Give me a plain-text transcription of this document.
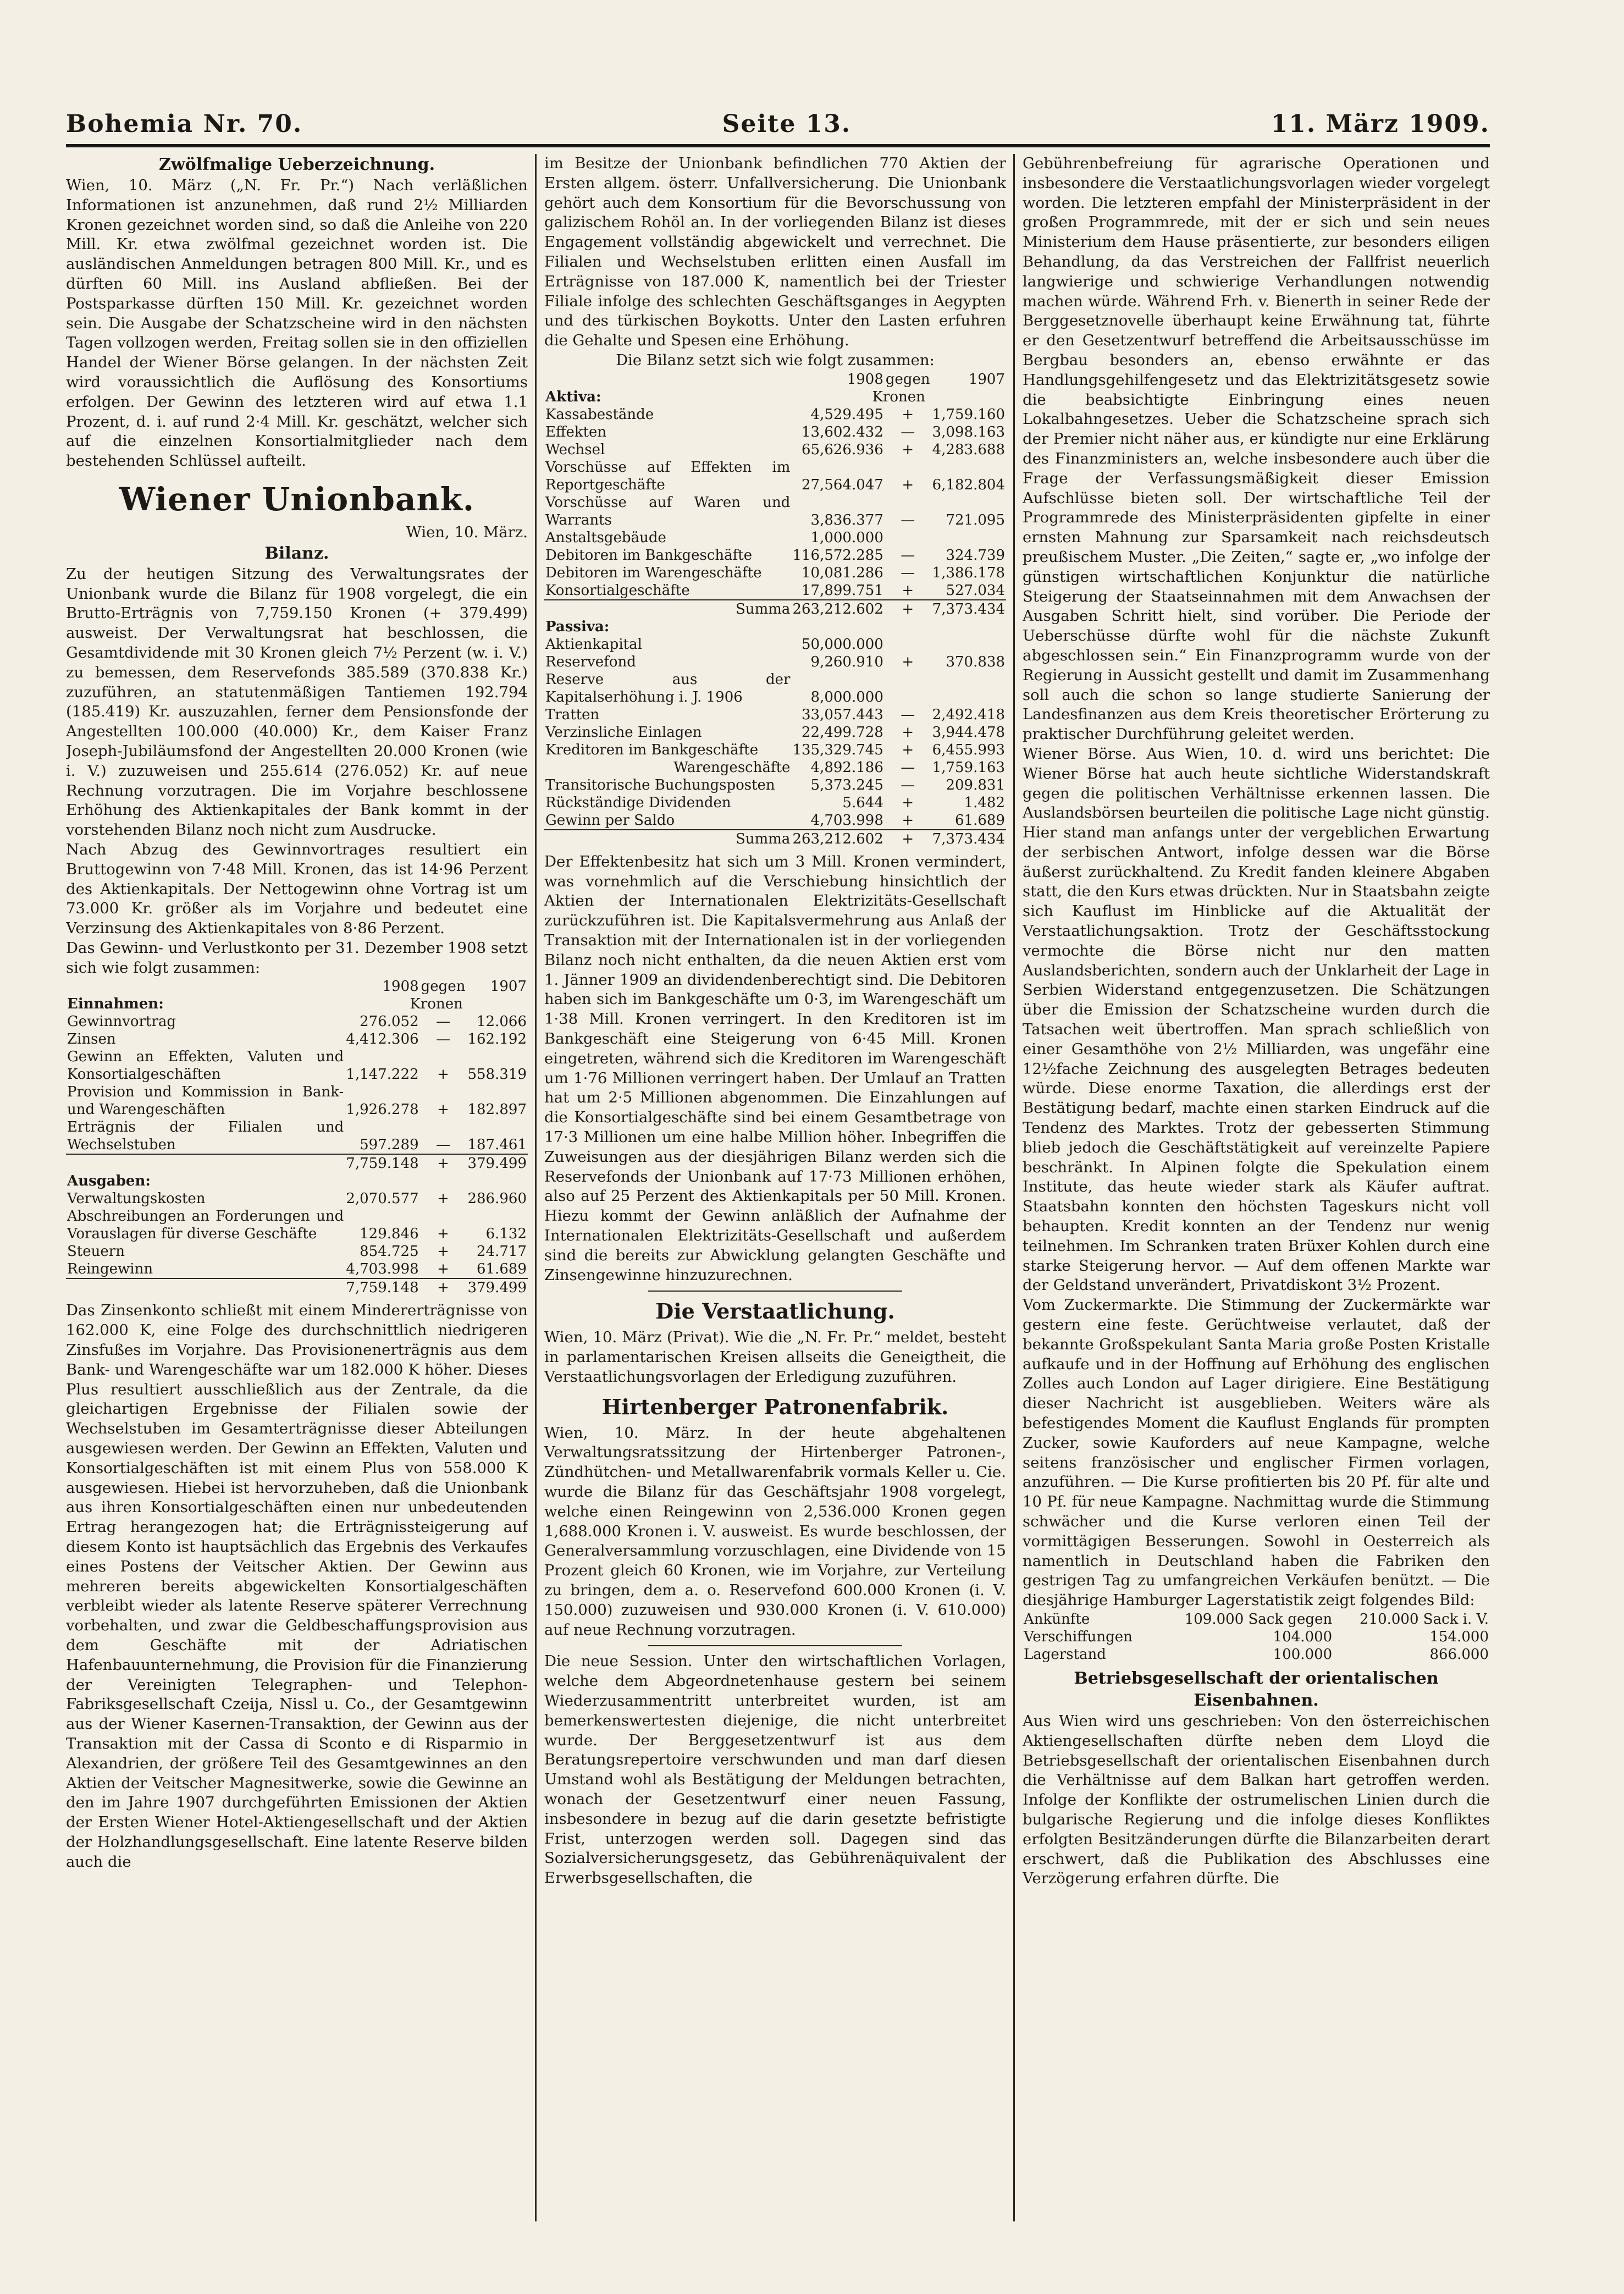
Bohemia Nr. 70.	Seite 13.	11. März 1909.

Zwölfmalige Ueberzeichnung.

Wien, 10. März („N. Fr. Pr.“) Nach verläßlichen Informationen ist anzunehmen, daß rund 2½ Milliarden Kronen gezeichnet worden sind, so daß die Anleihe von 220 Mill. Kr. etwa zwölfmal gezeichnet worden ist. Die ausländischen Anmeldungen betragen 800 Mill. Kr., und es dürften 60 Mill. ins Ausland abfließen. Bei der Postsparkasse dürften 150 Mill. Kr. gezeichnet worden sein. Die Ausgabe der Schatzscheine wird in den nächsten Tagen vollzogen werden, Freitag sollen sie in den offiziellen Handel der Wiener Börse gelangen. In der nächsten Zeit wird voraussichtlich die Auflösung des Konsortiums erfolgen. Der Gewinn des letzteren wird auf etwa 1.1 Prozent, d. i. auf rund 2·4 Mill. Kr. geschätzt, welcher sich auf die einzelnen Konsortialmitglieder nach dem bestehenden Schlüssel aufteilt.

Wiener Unionbank.

Wien, 10. März.

Bilanz.

Zu der heutigen Sitzung des Verwaltungsrates der Unionbank wurde die Bilanz für 1908 vorgelegt, die ein Brutto-Erträgnis von 7,759.150 Kronen (+ 379.499) ausweist. Der Verwaltungsrat hat beschlossen, die Gesamtdividende mit 30 Kronen gleich 7½ Perzent (w. i. V.) zu bemessen, dem Reservefonds 385.589 (370.838 Kr.) zuzuführen, an statutenmäßigen Tantiemen 192.794 (185.419) Kr. auszuzahlen, ferner dem Pensionsfonde der Angestellten 100.000 (40.000) Kr., dem Kaiser Franz Joseph-Jubiläumsfond der Angestellten 20.000 Kronen (wie i. V.) zuzuweisen und 255.614 (276.052) Kr. auf neue Rechnung vorzutragen. Die im Vorjahre beschlossene Erhöhung des Aktienkapitales der Bank kommt in der vorstehenden Bilanz noch nicht zum Ausdrucke.

Nach Abzug des Gewinnvortrages resultiert ein Bruttogewinn von 7·48 Mill. Kronen, das ist 14·96 Perzent des Aktienkapitals. Der Nettogewinn ohne Vortrag ist um 73.000 Kr. größer als im Vorjahre und bedeutet eine Verzinsung des Aktienkapitales von 8·86 Perzent.

Das Gewinn- und Verlustkonto per 31. Dezember 1908 setzt sich wie folgt zusammen:

	1908	gegen	1907
Einnahmen:	Kronen		
Gewinnvortrag	276.052	—	12.066
Zinsen	4,412.306	—	162.192
Gewinn an Effekten, Valuten und Konsortialgeschäften	1,147.222	+	558.319
Provision und Kommission in Bank- und Warengeschäften	1,926.278	+	182.897
Erträgnis der Filialen und Wechselstuben	597.289	—	187.461
	7,759.148	+	379.499
Ausgaben:			
Verwaltungskosten	2,070.577	+	286.960
Abschreibungen an Forderungen und Vorauslagen für diverse Geschäfte	129.846	+	6.132
Steuern	854.725	+	24.717
Reingewinn	4,703.998	+	61.689
	7,759.148	+	379.499

Das Zinsenkonto schließt mit einem Mindererträgnisse von 162.000 K, eine Folge des durchschnittlich niedrigeren Zinsfußes im Vorjahre. Das Provisionenerträgnis aus dem Bank- und Warengeschäfte war um 182.000 K höher. Dieses Plus resultiert ausschließlich aus der Zentrale, da die gleichartigen Ergebnisse der Filialen sowie der Wechselstuben im Gesamterträgnisse dieser Abteilungen ausgewiesen werden. Der Gewinn an Effekten, Valuten und Konsortialgeschäften ist mit einem Plus von 558.000 K ausgewiesen. Hiebei ist hervorzuheben, daß die Unionbank aus ihren Konsortialgeschäften einen nur unbedeutenden Ertrag herangezogen hat; die Erträgnissteigerung auf diesem Konto ist hauptsächlich das Ergebnis des Verkaufes eines Postens der Veitscher Aktien. Der Gewinn aus mehreren bereits abgewickelten Konsortialgeschäften verbleibt wieder als latente Reserve späterer Verrechnung vorbehalten, und zwar die Geldbeschaffungsprovision aus dem Geschäfte mit der Adriatischen Hafenbauunternehmung, die Provision für die Finanzierung der Vereinigten Telegraphen- und Telephon-Fabriksgesellschaft Czeija, Nissl u. Co., der Gesamtgewinn aus der Wiener Kasernen-Transaktion, der Gewinn aus der Transaktion mit der Cassa di Sconto e di Risparmio in Alexandrien, der größere Teil des Gesamtgewinnes an den Aktien der Veitscher Magnesitwerke, sowie die Gewinne an den im Jahre 1907 durchgeführten Emissionen der Aktien der Ersten Wiener Hotel-Aktiengesellschaft und der Aktien der Holzhandlungsgesellschaft. Eine latente Reserve bilden auch die

im Besitze der Unionbank befindlichen 770 Aktien der Ersten allgem. österr. Unfallversicherung. Die Unionbank gehört auch dem Konsortium für die Bevorschussung von galizischem Rohöl an. In der vorliegenden Bilanz ist dieses Engagement vollständig abgewickelt und verrechnet. Die Filialen und Wechselstuben erlitten einen Ausfall im Erträgnisse von 187.000 K, namentlich bei der Triester Filiale infolge des schlechten Geschäftsganges in Aegypten und des türkischen Boykotts. Unter den Lasten erfuhren die Gehalte und Spesen eine Erhöhung.

Die Bilanz setzt sich wie folgt zusammen:

	1908	gegen	1907
Aktiva:	Kronen		
Kassabestände	4,529.495	+	1,759.160
Effekten	13,602.432	—	3,098.163
Wechsel	65,626.936	+	4,283.688
Vorschüsse auf Effekten im Reportgeschäfte	27,564.047	+	6,182.804
Vorschüsse auf Waren und Warrants	3,836.377	—	721.095
Anstaltsgebäude	1,000.000		
Debitoren im Bankgeschäfte	116,572.285	—	324.739
Debitoren im Warengeschäfte	10,081.286	—	1,386.178
Konsortialgeschäfte	17,899.751	+	527.034
Summa	263,212.602	+	7,373.434
Passiva:			
Aktienkapital	50,000.000		
Reservefond	9,260.910	+	370.838
Reserve aus der Kapitalserhöhung i. J. 1906	8,000.000		
Tratten	33,057.443	—	2,492.418
Verzinsliche Einlagen	22,499.728	+	3,944.478
Kreditoren im Bankgeschäfte	135,329.745	+	6,455.993
Warengeschäfte	4,892.186	—	1,759.163
Transitorische Buchungsposten	5,373.245	—	209.831
Rückständige Dividenden	5.644	+	1.482
Gewinn per Saldo	4,703.998	+	61.689
Summa	263,212.602	+	7,373.434

Der Effektenbesitz hat sich um 3 Mill. Kronen vermindert, was vornehmlich auf die Verschiebung hinsichtlich der Aktien der Internationalen Elektrizitäts-Gesellschaft zurückzuführen ist. Die Kapitalsvermehrung aus Anlaß der Transaktion mit der Internationalen ist in der vorliegenden Bilanz noch nicht enthalten, da die neuen Aktien erst vom 1. Jänner 1909 an dividendenberechtigt sind. Die Debitoren haben sich im Bankgeschäfte um 0·3, im Warengeschäft um 1·38 Mill. Kronen verringert. In den Kreditoren ist im Bankgeschäft eine Steigerung von 6·45 Mill. Kronen eingetreten, während sich die Kreditoren im Warengeschäft um 1·76 Millionen verringert haben. Der Umlauf an Tratten hat um 2·5 Millionen abgenommen. Die Einzahlungen auf die Konsortialgeschäfte sind bei einem Gesamtbetrage von 17·3 Millionen um eine halbe Million höher. Inbegriffen die Zuweisungen aus der diesjährigen Bilanz werden sich die Reservefonds der Unionbank auf 17·73 Millionen erhöhen, also auf 25 Perzent des Aktienkapitals per 50 Mill. Kronen. Hiezu kommt der Gewinn anläßlich der Aufnahme der Internationalen Elektrizitäts-Gesellschaft und außerdem sind die bereits zur Abwicklung gelangten Geschäfte und Zinsengewinne hinzuzurechnen.

Die Verstaatlichung.

Wien, 10. März (Privat). Wie die „N. Fr. Pr.“ meldet, besteht in parlamentarischen Kreisen allseits die Geneigtheit, die Verstaatlichungsvorlagen der Erledigung zuzuführen.

Hirtenberger Patronenfabrik.

Wien, 10. März. In der heute abgehaltenen Verwaltungsratssitzung der Hirtenberger Patronen-, Zündhütchen- und Metallwarenfabrik vormals Keller u. Cie. wurde die Bilanz für das Geschäftsjahr 1908 vorgelegt, welche einen Reingewinn von 2,536.000 Kronen gegen 1,688.000 Kronen i. V. ausweist. Es wurde beschlossen, der Generalversammlung vorzuschlagen, eine Dividende von 15 Prozent gleich 60 Kronen, wie im Vorjahre, zur Verteilung zu bringen, dem a. o. Reservefond 600.000 Kronen (i. V. 150.000) zuzuweisen und 930.000 Kronen (i. V. 610.000) auf neue Rechnung vorzutragen.

Die neue Session. Unter den wirtschaftlichen Vorlagen, welche dem Abgeordnetenhause gestern bei seinem Wiederzusammentritt unterbreitet wurden, ist am bemerkenswertesten diejenige, die nicht unterbreitet wurde. Der Berggesetzentwurf ist aus dem Beratungsrepertoire verschwunden und man darf diesen Umstand wohl als Bestätigung der Meldungen betrachten, wonach der Gesetzentwurf einer neuen Fassung, insbesondere in bezug auf die darin gesetzte befristigte Frist, unterzogen werden soll. Dagegen sind das Sozialversicherungsgesetz, das Gebührenäquivalent der Erwerbsgesellschaften, die

Gebührenbefreiung für agrarische Operationen und insbesondere die Verstaatlichungsvorlagen wieder vorgelegt worden. Die letzteren empfahl der Ministerpräsident in der großen Programmrede, mit der er sich und sein neues Ministerium dem Hause präsentierte, zur besonders eiligen Behandlung, da das Verstreichen der Fallfrist neuerlich langwierige und schwierige Verhandlungen notwendig machen würde. Während Frh. v. Bienerth in seiner Rede der Berggesetznovelle überhaupt keine Erwähnung tat, führte er den Gesetzentwurf betreffend die Arbeitsausschüsse im Bergbau besonders an, ebenso erwähnte er das Handlungsgehilfengesetz und das Elektrizitätsgesetz sowie die beabsichtigte Einbringung eines neuen Lokalbahngesetzes. Ueber die Schatzscheine sprach sich der Premier nicht näher aus, er kündigte nur eine Erklärung des Finanzministers an, welche insbesondere auch über die Frage der Verfassungsmäßigkeit dieser Emission Aufschlüsse bieten soll. Der wirtschaftliche Teil der Programmrede des Ministerpräsidenten gipfelte in einer ernsten Mahnung zur Sparsamkeit nach reichsdeutsch preußischem Muster. „Die Zeiten,“ sagte er, „wo infolge der günstigen wirtschaftlichen Konjunktur die natürliche Steigerung der Staatseinnahmen mit dem Anwachsen der Ausgaben Schritt hielt, sind vorüber. Die Periode der Ueberschüsse dürfte wohl für die nächste Zukunft abgeschlossen sein.“ Ein Finanzprogramm wurde von der Regierung in Aussicht gestellt und damit im Zusammenhang soll auch die schon so lange studierte Sanierung der Landesfinanzen aus dem Kreis theoretischer Erörterung zu praktischer Durchführung geleitet werden.

Wiener Börse. Aus Wien, 10. d. wird uns berichtet: Die Wiener Börse hat auch heute sichtliche Widerstandskraft gegen die politischen Verhältnisse erkennen lassen. Die Auslandsbörsen beurteilen die politische Lage nicht günstig. Hier stand man anfangs unter der vergeblichen Erwartung der serbischen Antwort, infolge dessen war die Börse äußerst zurückhaltend. Zu Kredit fanden kleinere Abgaben statt, die den Kurs etwas drückten. Nur in Staatsbahn zeigte sich Kauflust im Hinblicke auf die Aktualität der Verstaatlichungsaktion. Trotz der Geschäftsstockung vermochte die Börse nicht nur den matten Auslandsberichten, sondern auch der Unklarheit der Lage in Serbien Widerstand entgegenzusetzen. Die Schätzungen über die Emission der Schatzscheine wurden durch die Tatsachen weit übertroffen. Man sprach schließlich von einer Gesamthöhe von 2½ Milliarden, was ungefähr eine 12½fache Zeichnung des ausgelegten Betrages bedeuten würde. Diese enorme Taxation, die allerdings erst der Bestätigung bedarf, machte einen starken Eindruck auf die Tendenz des Marktes. Trotz der gebesserten Stimmung blieb jedoch die Geschäftstätigkeit auf vereinzelte Papiere beschränkt. In Alpinen folgte die Spekulation einem Institute, das heute wieder stark als Käufer auftrat. Staatsbahn konnten den höchsten Tageskurs nicht voll behaupten. Kredit konnten an der Tendenz nur wenig teilnehmen. Im Schranken traten Brüxer Kohlen durch eine starke Steigerung hervor. — Auf dem offenen Markte war der Geldstand unverändert, Privatdiskont 3½ Prozent.

Vom Zuckermarkte. Die Stimmung der Zuckermärkte war gestern eine feste. Gerüchtweise verlautet, daß der bekannte Großspekulant Santa Maria große Posten Kristalle aufkaufe und in der Hoffnung auf Erhöhung des englischen Zolles auch London auf Lager dirigiere. Eine Bestätigung dieser Nachricht ist ausgeblieben. Weiters wäre als befestigendes Moment die Kauflust Englands für prompten Zucker, sowie Kauforders auf neue Kampagne, welche seitens französischer und englischer Firmen vorlagen, anzuführen. — Die Kurse profitierten bis 20 Pf. für alte und 10 Pf. für neue Kampagne. Nachmittag wurde die Stimmung schwächer und die Kurse verloren einen Teil der vormittägigen Besserungen. Sowohl in Oesterreich als namentlich in Deutschland haben die Fabriken den gestrigen Tag zu umfangreichen Verkäufen benützt. — Die diesjährige Hamburger Lagerstatistik zeigt folgendes Bild:

Ankünfte	109.000 Sack gegen	210.000 Sack i. V.
Verschiffungen	104.000	154.000
Lagerstand	100.000	866.000

Betriebsgesellschaft der orientalischen Eisenbahnen.

Aus Wien wird uns geschrieben: Von den österreichischen Aktiengesellschaften dürfte neben dem Lloyd die Betriebsgesellschaft der orientalischen Eisenbahnen durch die Verhältnisse auf dem Balkan hart getroffen werden. Infolge der Konflikte der ostrumelischen Linien durch die bulgarische Regierung und die infolge dieses Konfliktes erfolgten Besitzänderungen dürfte die Bilanzarbeiten derart erschwert, daß die Publikation des Abschlusses eine Verzögerung erfahren dürfte. Die
